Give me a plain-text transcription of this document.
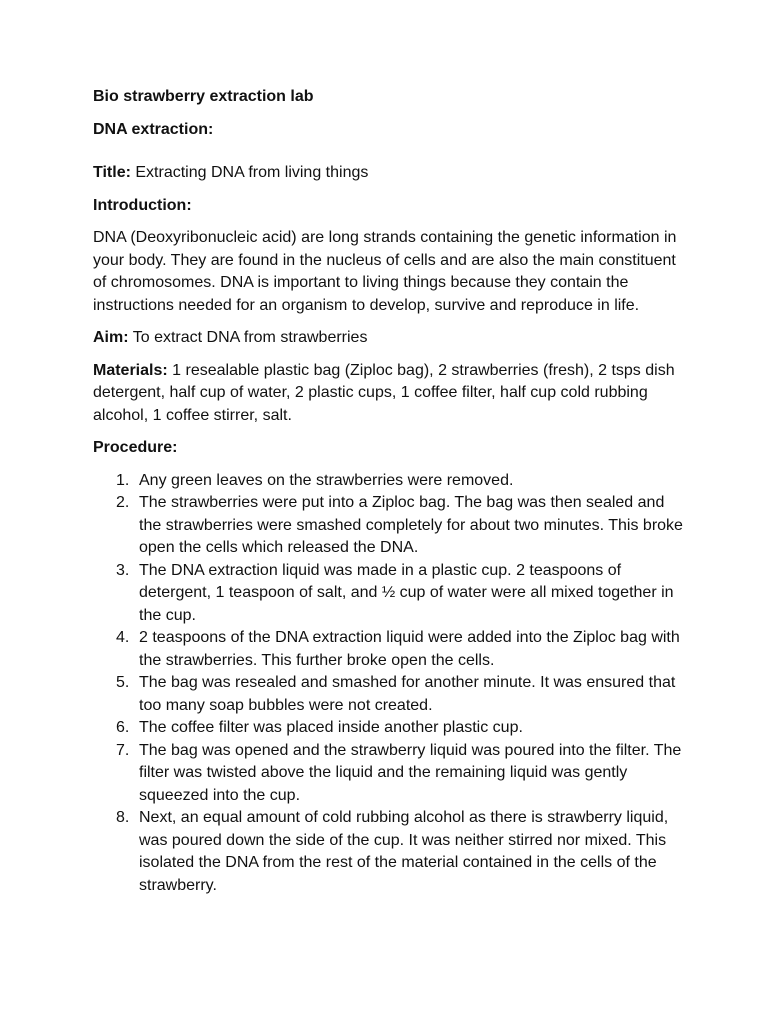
Bio strawberry extraction lab

DNA extraction:

Title: Extracting DNA from living things

Introduction:

DNA (Deoxyribonucleic acid) are long strands containing the genetic information in your body. They are found in the nucleus of cells and are also the main constituent of chromosomes. DNA is important to living things because they contain the instructions needed for an organism to develop, survive and reproduce in life.

Aim: To extract DNA from strawberries

Materials: 1 resealable plastic bag (Ziploc bag), 2 strawberries (fresh), 2 tsps dish detergent, half cup of water, 2 plastic cups, 1 coffee filter, half cup cold rubbing alcohol, 1 coffee stirrer, salt.

Procedure:

1. Any green leaves on the strawberries were removed.
2. The strawberries were put into a Ziploc bag. The bag was then sealed and the strawberries were smashed completely for about two minutes. This broke open the cells which released the DNA.
3. The DNA extraction liquid was made in a plastic cup. 2 teaspoons of detergent, 1 teaspoon of salt, and ½ cup of water were all mixed together in the cup.
4. 2 teaspoons of the DNA extraction liquid were added into the Ziploc bag with the strawberries. This further broke open the cells.
5. The bag was resealed and smashed for another minute. It was ensured that too many soap bubbles were not created.
6. The coffee filter was placed inside another plastic cup.
7. The bag was opened and the strawberry liquid was poured into the filter. The filter was twisted above the liquid and the remaining liquid was gently squeezed into the cup.
8. Next, an equal amount of cold rubbing alcohol as there is strawberry liquid, was poured down the side of the cup. It was neither stirred nor mixed. This isolated the DNA from the rest of the material contained in the cells of the strawberry.
